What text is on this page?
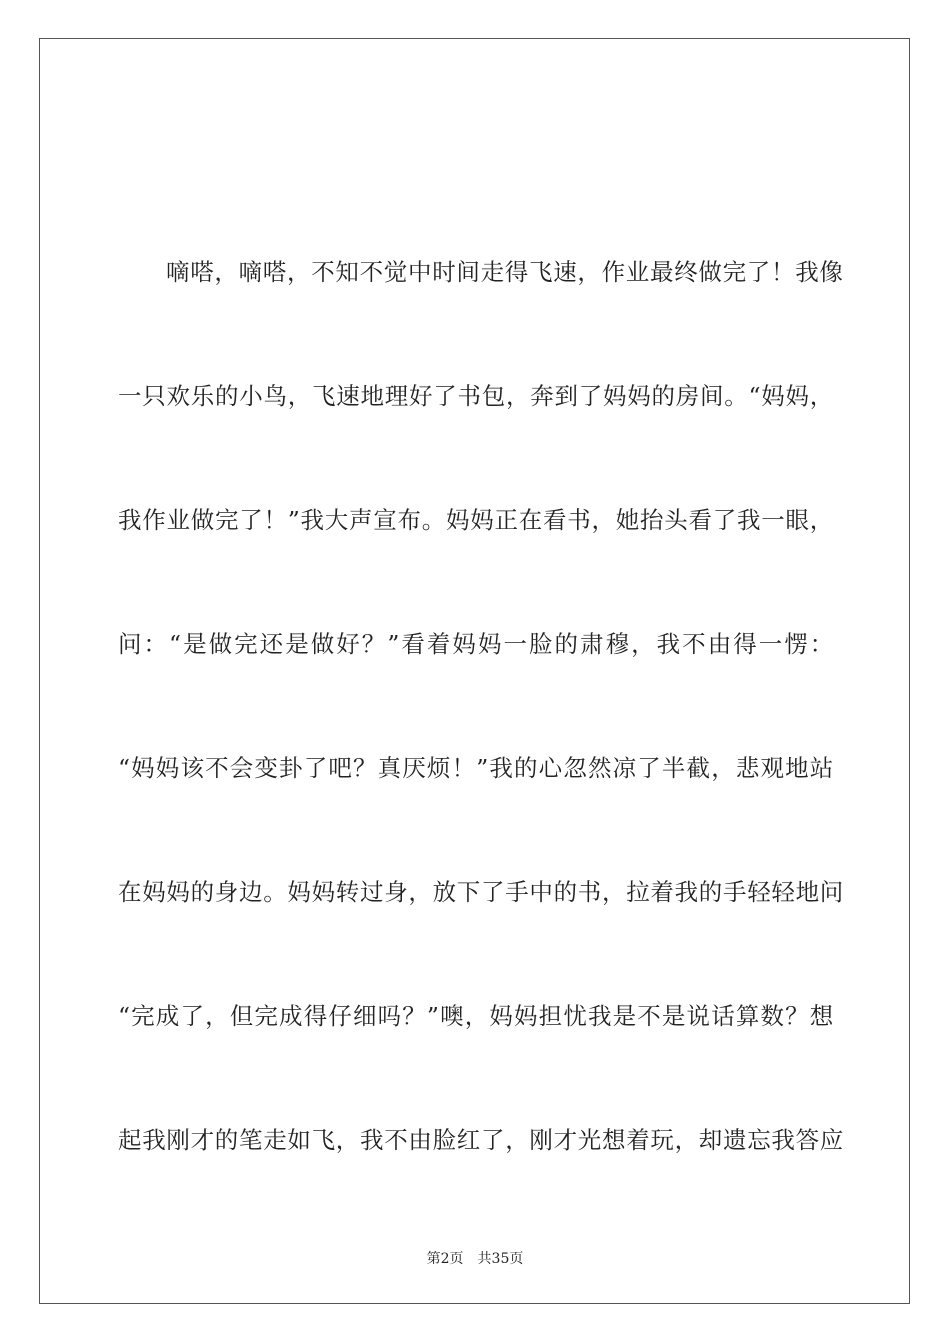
嘀嗒，嘀嗒，不知不觉中时间走得飞速，作业最终做完了！我像
一只欢乐的小鸟，飞速地理好了书包，奔到了妈妈的房间。“妈妈，
我作业做完了！”我大声宣布。妈妈正在看书，她抬头看了我一眼，
问：“是做完还是做好？”看着妈妈一脸的肃穆，我不由得一愣：
“妈妈该不会变卦了吧？真厌烦！”我的心忽然凉了半截，悲观地站
在妈妈的身边。妈妈转过身，放下了手中的书，拉着我的手轻轻地问
“完成了，但完成得仔细吗？”噢，妈妈担忧我是不是说话算数？想
起我刚才的笔走如飞，我不由脸红了，刚才光想着玩，却遗忘我答应
第2页 共35页
